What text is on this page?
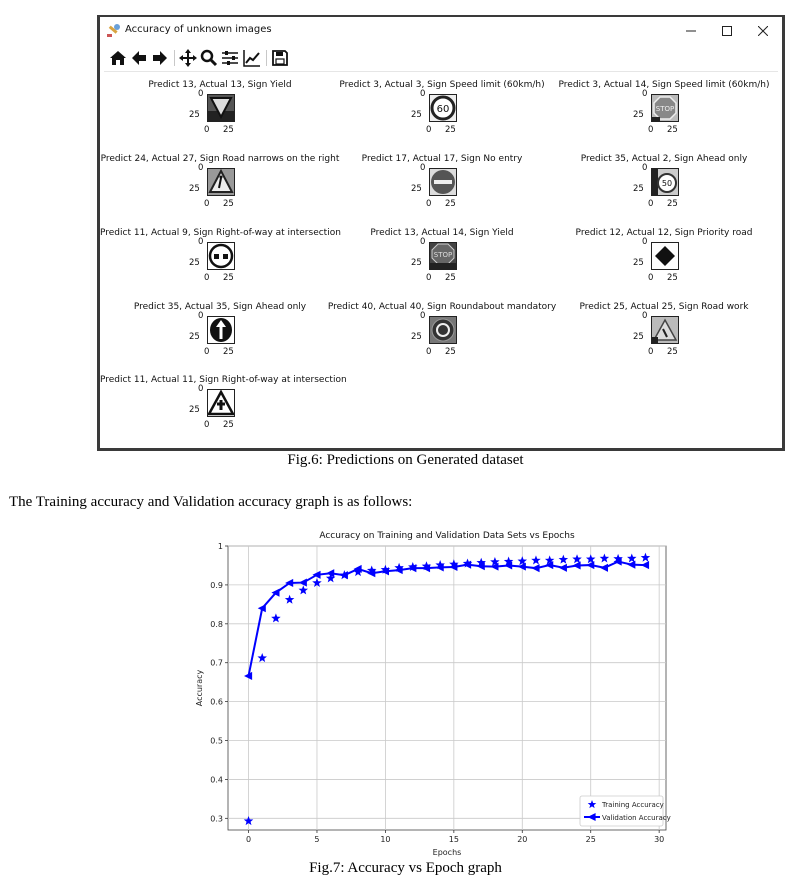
Accuracy of unknown images
Predict 13, Actual 13, Sign Yield
0
25
0 25
Predict 3, Actual 3, Sign Speed limit (60km/h)
60
0
25
0 25
Predict 3, Actual 14, Sign Speed limit (60km/h)
STOP
0
25
0 25
Predict 24, Actual 27, Sign Road narrows on the right
0
25
0 25
Predict 17, Actual 17, Sign No entry
0
25
0 25
Predict 35, Actual 2, Sign Ahead only
50
0
25
0 25
Predict 11, Actual 9, Sign Right-of-way at intersection
0
25
0 25
Predict 13, Actual 14, Sign Yield
STOP
0
25
0 25
Predict 12, Actual 12, Sign Priority road
0
25
0 25
Predict 35, Actual 35, Sign Ahead only
0
25
0 25
Predict 40, Actual 40, Sign Roundabout mandatory
0
25
0 25
Predict 25, Actual 25, Sign Road work
0
25
0 25
Predict 11, Actual 11, Sign Right-of-way at intersection
0
25
0 25
Fig.6: Predictions on Generated dataset
The Training accuracy and Validation accuracy graph is as follows:
0	5	10	15	20	25	30
0.3
0.4
0.5
0.6
0.7
0.8
0.9
1
Accuracy on Training and Validation Data Sets vs Epochs
Epochs
Accuracy
Training Accuracy
Validation Accuracy
Fig.7: Accuracy vs Epoch graph
